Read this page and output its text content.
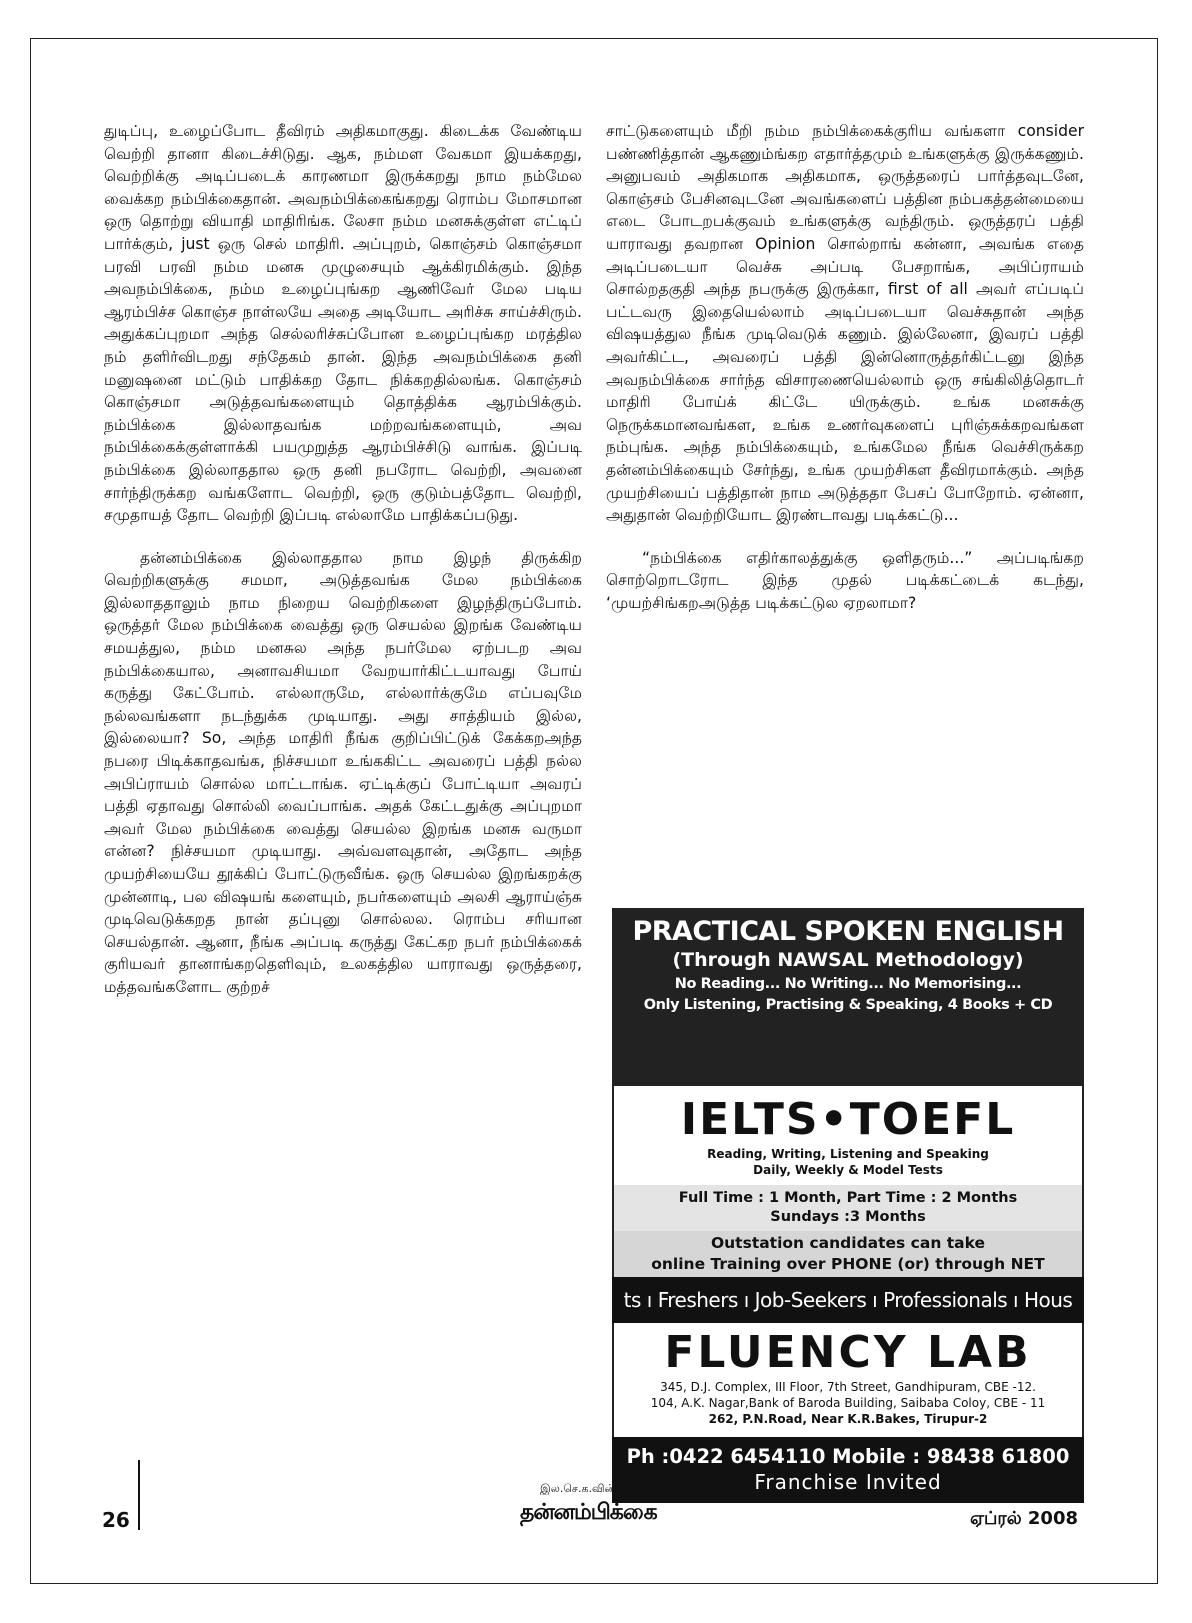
துடிப்பு, உழைப்போட தீவிரம் அதிகமாகுது. கிடைக்க வேண்டிய வெற்றி தானா கிடைச்சிடுது. ஆக, நம்மள வேகமா இயக்கறது, வெற்றிக்கு அடிப்படைக் காரணமா இருக்கறது நாம நம்மேல வைக்கற நம்பிக்கைதான். அவநம்பிக்கைங்கறது ரொம்ப மோசமான ஒரு தொற்று வியாதி மாதிரிங்க. லேசா நம்ம மனசுக்குள்ள எட்டிப் பார்க்கும், just ஒரு செல் மாதிரி. அப்புறம், கொஞ்சம் கொஞ்சமா பரவி பரவி நம்ம மனசு முழுசையும் ஆக்கிரமிக்கும். இந்த அவநம்பிக்கை, நம்ம உழைப்புங்கற ஆணிவேர் மேல படிய ஆரம்பிச்ச கொஞ்ச நாள்லயே அதை அடியோட அரிச்சு சாய்ச்சிரும். அதுக்கப்புறமா அந்த செல்லரிச்சுப்போன உழைப்புங்கற மரத்தில நம் தளிர்விடறது சந்தேகம் தான். இந்த அவநம்பிக்கை தனி மனுஷனை மட்டும் பாதிக்கற தோட நிக்கறதில்லங்க. கொஞ்சம் கொஞ்சமா அடுத்தவங்களையும் தொத்திக்க ஆரம்பிக்கும். நம்பிக்கை இல்லாதவங்க மற்றவங்களையும், அவ நம்பிக்கைக்குள்ளாக்கி பயமுறுத்த ஆரம்பிச்சிடு வாங்க. இப்படி நம்பிக்கை இல்லாததால ஒரு தனி நபரோட வெற்றி, அவனை சார்ந்திருக்கற வங்களோட வெற்றி, ஒரு குடும்பத்தோட வெற்றி, சமுதாயத் தோட வெற்றி இப்படி எல்லாமே பாதிக்கப்படுது.

தன்னம்பிக்கை இல்லாததால நாம இழந் திருக்கிற வெற்றிகளுக்கு சமமா, அடுத்தவங்க மேல நம்பிக்கை இல்லாததாலும் நாம நிறைய வெற்றிகளை இழந்திருப்போம். ஒருத்தர் மேல நம்பிக்கை வைத்து ஒரு செயல்ல இறங்க வேண்டிய சமயத்துல, நம்ம மனசுல அந்த நபர்மேல ஏற்படற அவ நம்பிக்கையால, அனாவசியமா வேறயார்கிட்டயாவது போய் கருத்து கேட்போம். எல்லாருமே, எல்லார்க்குமே எப்பவுமே நல்லவங்களா நடந்துக்க முடியாது. அது சாத்தியம் இல்ல, இல்லையா? So, அந்த மாதிரி நீங்க குறிப்பிட்டுக் கேக்கறஅந்த நபரை பிடிக்காதவங்க, நிச்சயமா உங்ககிட்ட அவரைப் பத்தி நல்ல அபிப்ராயம் சொல்ல மாட்டாங்க. ஏட்டிக்குப் போட்டியா அவரப் பத்தி ஏதாவது சொல்லி வைப்பாங்க. அதக் கேட்டதுக்கு அப்புறமா அவர் மேல நம்பிக்கை வைத்து செயல்ல இறங்க மனசு வருமா என்ன? நிச்சயமா முடியாது. அவ்வளவுதான், அதோட அந்த முயற்சியையே தூக்கிப் போட்டுருவீங்க. ஒரு செயல்ல இறங்கறக்கு முன்னாடி, பல விஷயங் களையும், நபர்களையும் அலசி ஆராய்ஞ்சு முடிவெடுக்கறத நான் தப்புனு சொல்லல. ரொம்ப சரியான செயல்தான். ஆனா, நீங்க அப்படி கருத்து கேட்கற நபர் நம்பிக்கைக் குரியவர் தானாங்கறதெளிவும், உலகத்தில யாராவது ஒருத்தரை, மத்தவங்களோட குற்றச்

சாட்டுகளையும் மீறி நம்ம நம்பிக்கைக்குரிய வங்களா consider பண்ணித்தான் ஆகணும்ங்கற எதார்த்தமும் உங்களுக்கு இருக்கணும். அனுபவம் அதிகமாக அதிகமாக, ஒருத்தரைப் பார்த்தவுடனே, கொஞ்சம் பேசினவுடனே அவங்களைப் பத்தின நம்பகத்தன்மையை எடை போடறபக்குவம் உங்களுக்கு வந்திரும். ஒருத்தரப் பத்தி யாராவது தவறான Opinion சொல்றாங் கன்னா, அவங்க எதை அடிப்படையா வெச்சு அப்படி பேசறாங்க, அபிப்ராயம் சொல்றதகுதி அந்த நபருக்கு இருக்கா, first of all அவர் எப்படிப் பட்டவரு இதையெல்லாம் அடிப்படையா வெச்சுதான் அந்த விஷயத்துல நீங்க முடிவெடுக் கணும். இல்லேனா, இவரப் பத்தி அவர்கிட்ட, அவரைப் பத்தி இன்னொருத்தர்கிட்டனு இந்த அவநம்பிக்கை சார்ந்த விசாரணையெல்லாம் ஒரு சங்கிலித்தொடர் மாதிரி போய்க் கிட்டே யிருக்கும். உங்க மனசுக்கு நெருக்கமானவங்கள, உங்க உணர்வுகளைப் புரிஞ்சுக்கறவங்கள நம்புங்க. அந்த நம்பிக்கையும், உங்கமேல நீங்க வெச்சிருக்கற தன்னம்பிக்கையும் சேர்ந்து, உங்க முயற்சிகள தீவிரமாக்கும். அந்த முயற்சியைப் பத்திதான் நாம அடுத்ததா பேசப் போறோம். ஏன்னா, அதுதான் வெற்றியோட இரண்டாவது படிக்கட்டு...

“நம்பிக்கை எதிர்காலத்துக்கு ஒளிதரும்...” அப்படிங்கற சொற்றொடரோட இந்த முதல் படிக்கட்டைக் கடந்து, ‘முயற்சிங்கறஅடுத்த படிக்கட்டுல ஏறலாமா?

PRACTICAL SPOKEN ENGLISH
(Through NAWSAL Methodology)
No Reading... No Writing... No Memorising...
Only Listening, Practising & Speaking, 4 Books + CD
IELTS•TOEFL
Reading, Writing, Listening and Speaking
Daily, Weekly & Model Tests
Full Time : 1 Month, Part Time : 2 Months
Sundays :3 Months
Outstation candidates can take
online Training over PHONE (or) through NET
ts ı Freshers ı Job-Seekers ı Professionals ı Hous
FLUENCY LAB
345, D.J. Complex, III Floor, 7th Street, Gandhipuram, CBE -12.
104, A.K. Nagar,Bank of Baroda Building, Saibaba Coloy, CBE - 11
262, P.N.Road, Near K.R.Bakes, Tirupur-2
Ph :0422 6454110 Mobile : 98438 61800
Franchise Invited
26
இல.செ.க.வின்
தன்னம்பிக்கை	ஏப்ரல் 2008
